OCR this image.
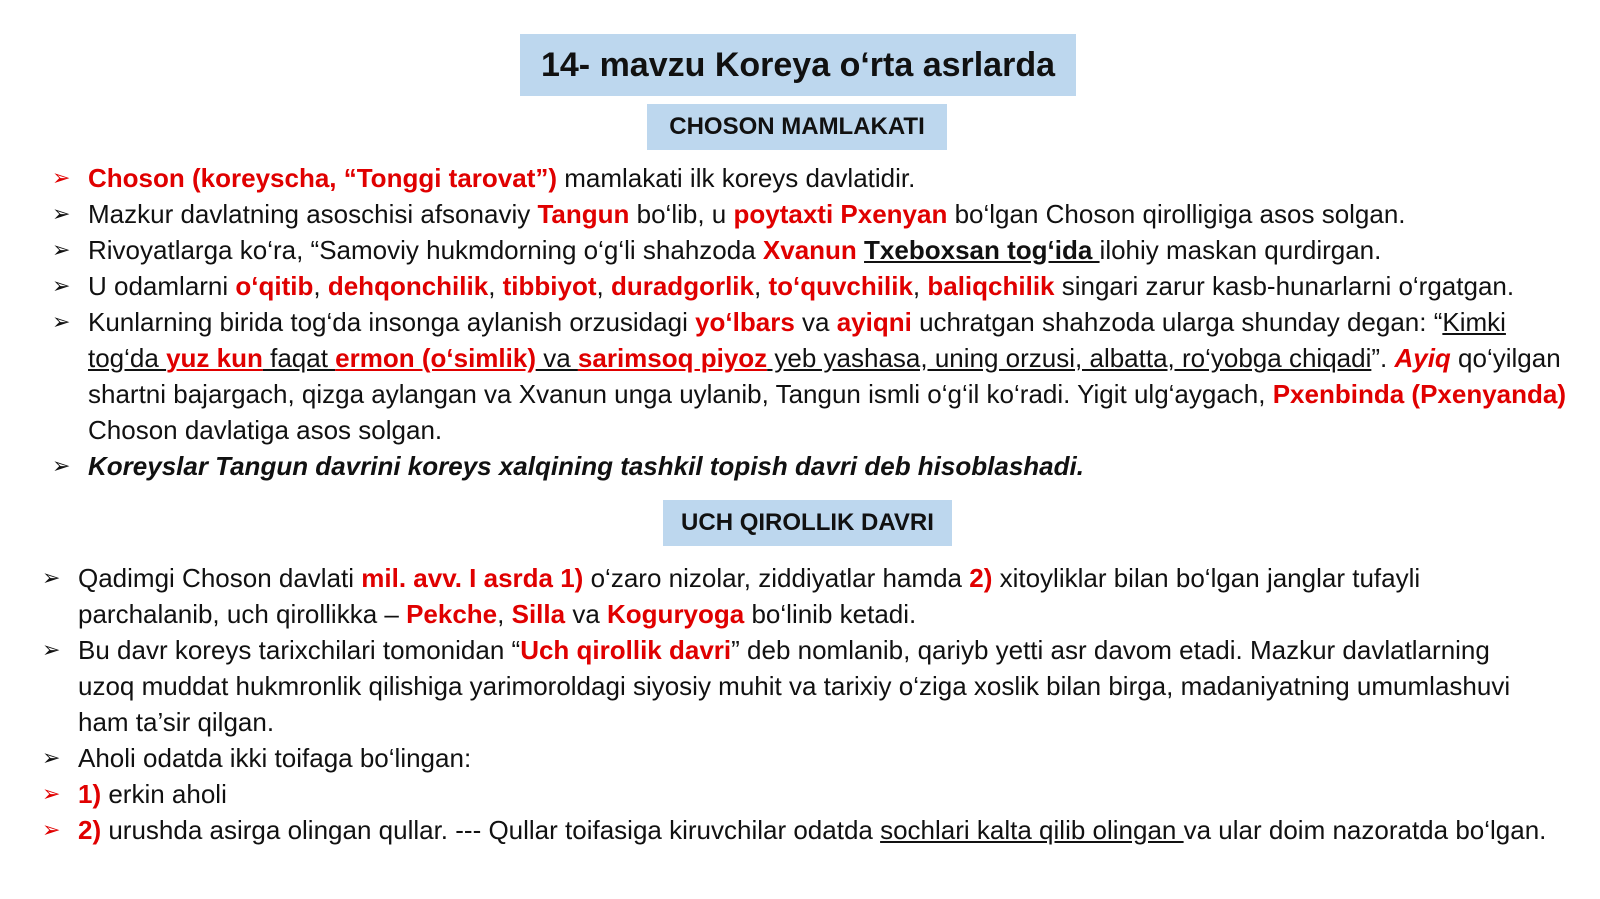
14- mavzu Koreya o‘rta asrlarda
CHOSON MAMLAKATI
➢ Choson (koreyscha, “Tonggi tarovat”) mamlakati ilk koreys davlatidir.
➢ Mazkur davlatning asoschisi afsonaviy Tangun bo‘lib, u poytaxti Pxenyan bo‘lgan Choson qirolligiga asos solgan.
➢ Rivoyatlarga ko‘ra, “Samoviy hukmdorning o‘g‘li shahzoda Xvanun Txeboxsan tog‘ida ilohiy maskan qurdirgan.
➢ U odamlarni o‘qitib, dehqonchilik, tibbiyot, duradgorlik, to‘quvchilik, baliqchilik singari zarur kasb-hunarlarni o‘rgatgan.
➢ Kunlarning birida tog‘da insonga aylanish orzusidagi yo‘lbars va ayiqni uchratgan shahzoda ularga shunday degan: “Kimki tog‘da yuz kun faqat ermon (o‘simlik) va sarimsoq piyoz yeb yashasa, uning orzusi, albatta, ro‘yobga chiqadi”. Ayiq qo‘yilgan shartni bajargach, qizga aylangan va Xvanun unga uylanib, Tangun ismli o‘g‘il ko‘radi. Yigit ulg‘aygach, Pxenbinda (Pxenyanda) Choson davlatiga asos solgan.
➢ Koreyslar Tangun davrini koreys xalqining tashkil topish davri deb hisoblashadi.
UCH QIROLLIK DAVRI
➢ Qadimgi Choson davlati mil. avv. I asrda 1) o‘zaro nizolar, ziddiyatlar hamda 2) xitoyliklar bilan bo‘lgan janglar tufayli parchalanib, uch qirollikka – Pekche, Silla va Koguryoga bo‘linib ketadi.
➢ Bu davr koreys tarixchilari tomonidan “Uch qirollik davri” deb nomlanib, qariyb yetti asr davom etadi. Mazkur davlatlarning uzoq muddat hukmronlik qilishiga yarimoroldagi siyosiy muhit va tarixiy o‘ziga xoslik bilan birga, madaniyatning umumlashuvi ham ta’sir qilgan.
➢ Aholi odatda ikki toifaga bo‘lingan:
➢ 1) erkin aholi
➢ 2) urushda asirga olingan qullar. --- Qullar toifasiga kiruvchilar odatda sochlari kalta qilib olingan va ular doim nazoratda bo‘lgan.
